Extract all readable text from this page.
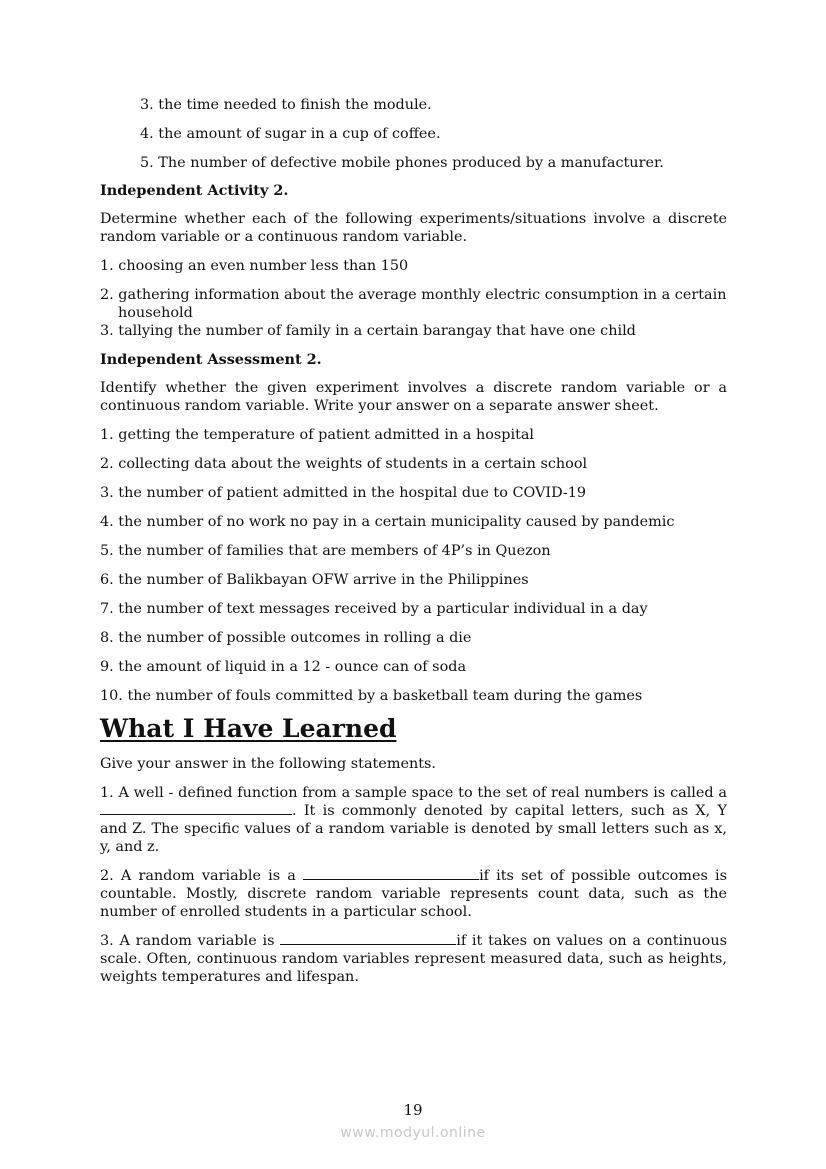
3. the time needed to finish the module.

4. the amount of sugar in a cup of coffee.

5. The number of defective mobile phones produced by a manufacturer.

Independent Activity 2.

Determine whether each of the following experiments/situations involve a discrete random variable or a continuous random variable.

1. choosing an even number less than 150

2. gathering information about the average monthly electric consumption in a certain household

3. tallying the number of family in a certain barangay that have one child

Independent Assessment 2.

Identify whether the given experiment involves a discrete random variable or a continuous random variable. Write your answer on a separate answer sheet.

1. getting the temperature of patient admitted in a hospital

2. collecting data about the weights of students in a certain school

3. the number of patient admitted in the hospital due to COVID-19

4. the number of no work no pay in a certain municipality caused by pandemic

5. the number of families that are members of 4P’s in Quezon

6. the number of Balikbayan OFW arrive in the Philippines

7. the number of text messages received by a particular individual in a day

8. the number of possible outcomes in rolling a die

9. the amount of liquid in a 12 - ounce can of soda

10. the number of fouls committed by a basketball team during the games

What I Have Learned

Give your answer in the following statements.

1. A well - defined function from a sample space to the set of real numbers is called a . It is commonly denoted by capital letters, such as X, Y and Z. The specific values of a random variable is denoted by small letters such as x, y, and z.

2. A random variable is a	if its set of possible outcomes is countable. Mostly, discrete random variable represents count data, such as the number of enrolled students in a particular school.

3. A random variable is	if it takes on values on a continuous scale. Often, continuous random variables represent measured data, such as heights, weights temperatures and lifespan.

19
www.modyul.online
